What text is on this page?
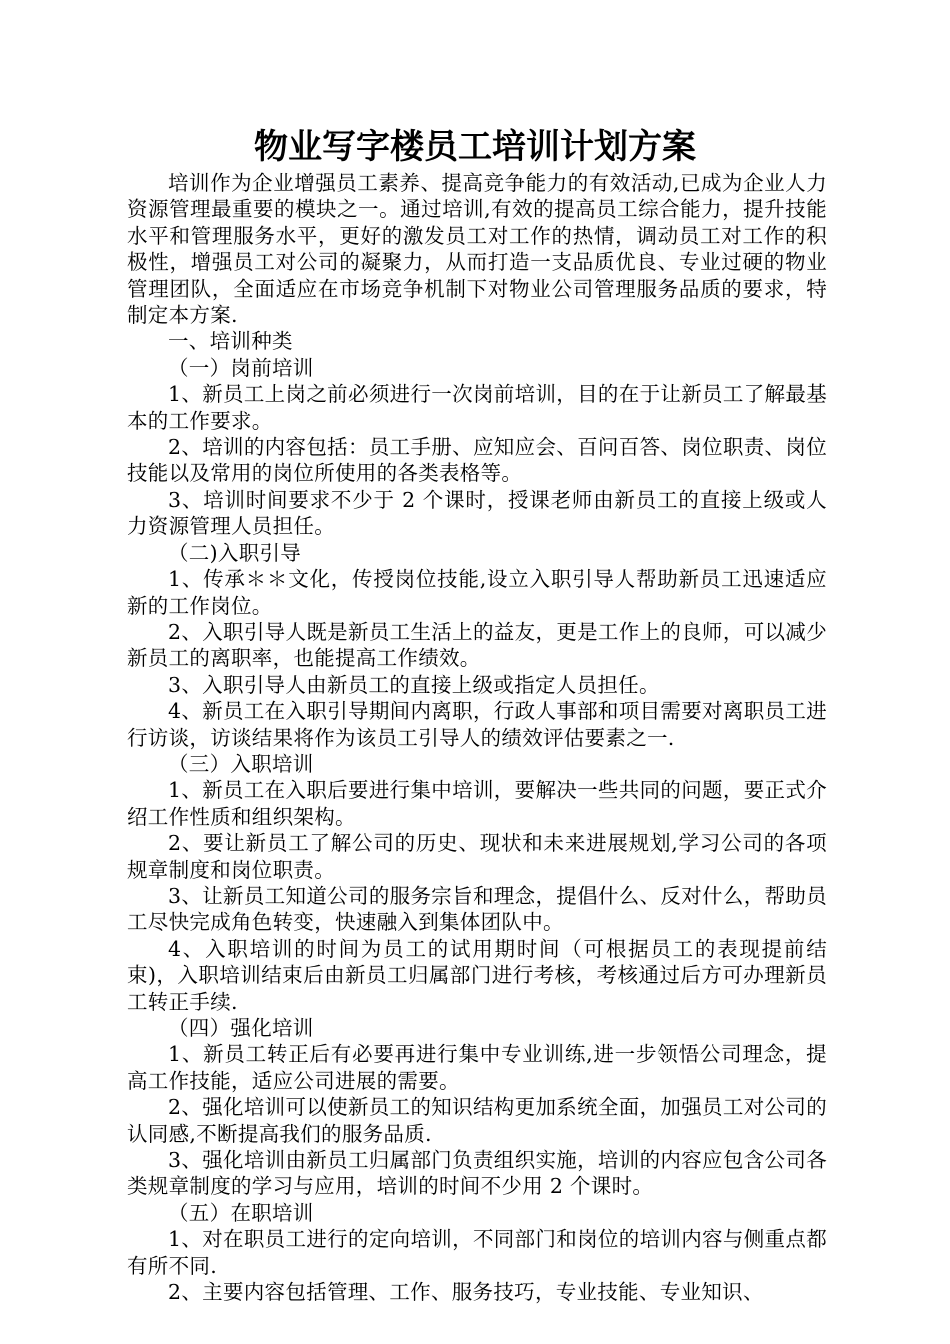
物业写字楼员工培训计划方案

培训作为企业增强员工素养、提高竞争能力的有效活动,已成为企业人力资源管理最重要的模块之一。通过培训,有效的提高员工综合能力，提升技能水平和管理服务水平，更好的激发员工对工作的热情，调动员工对工作的积极性，增强员工对公司的凝聚力，从而打造一支品质优良、专业过硬的物业管理团队，全面适应在市场竞争机制下对物业公司管理服务品质的要求，特制定本方案.

一、培训种类

（一）岗前培训

1、新员工上岗之前必须进行一次岗前培训，目的在于让新员工了解最基本的工作要求。

2、培训的内容包括：员工手册、应知应会、百问百答、岗位职责、岗位技能以及常用的岗位所使用的各类表格等。

3、培训时间要求不少于 2 个课时，授课老师由新员工的直接上级或人力资源管理人员担任。

（二)入职引导

1、传承＊＊文化，传授岗位技能,设立入职引导人帮助新员工迅速适应新的工作岗位。

2、入职引导人既是新员工生活上的益友，更是工作上的良师，可以减少新员工的离职率，也能提高工作绩效。

3、入职引导人由新员工的直接上级或指定人员担任。

4、新员工在入职引导期间内离职，行政人事部和项目需要对离职员工进行访谈，访谈结果将作为该员工引导人的绩效评估要素之一.

（三）入职培训

1、新员工在入职后要进行集中培训，要解决一些共同的问题，要正式介绍工作性质和组织架构。

2、要让新员工了解公司的历史、现状和未来进展规划,学习公司的各项规章制度和岗位职责。

3、让新员工知道公司的服务宗旨和理念，提倡什么、反对什么，帮助员工尽快完成角色转变，快速融入到集体团队中。

4、入职培训的时间为员工的试用期时间（可根据员工的表现提前结束)，入职培训结束后由新员工归属部门进行考核，考核通过后方可办理新员工转正手续.

（四）强化培训

1、新员工转正后有必要再进行集中专业训练,进一步领悟公司理念，提高工作技能，适应公司进展的需要。

2、强化培训可以使新员工的知识结构更加系统全面，加强员工对公司的认同感,不断提高我们的服务品质.

3、强化培训由新员工归属部门负责组织实施，培训的内容应包含公司各类规章制度的学习与应用，培训的时间不少用 2 个课时。

（五）在职培训

1、对在职员工进行的定向培训，不同部门和岗位的培训内容与侧重点都有所不同.

2、主要内容包括管理、工作、服务技巧，专业技能、专业知识、
